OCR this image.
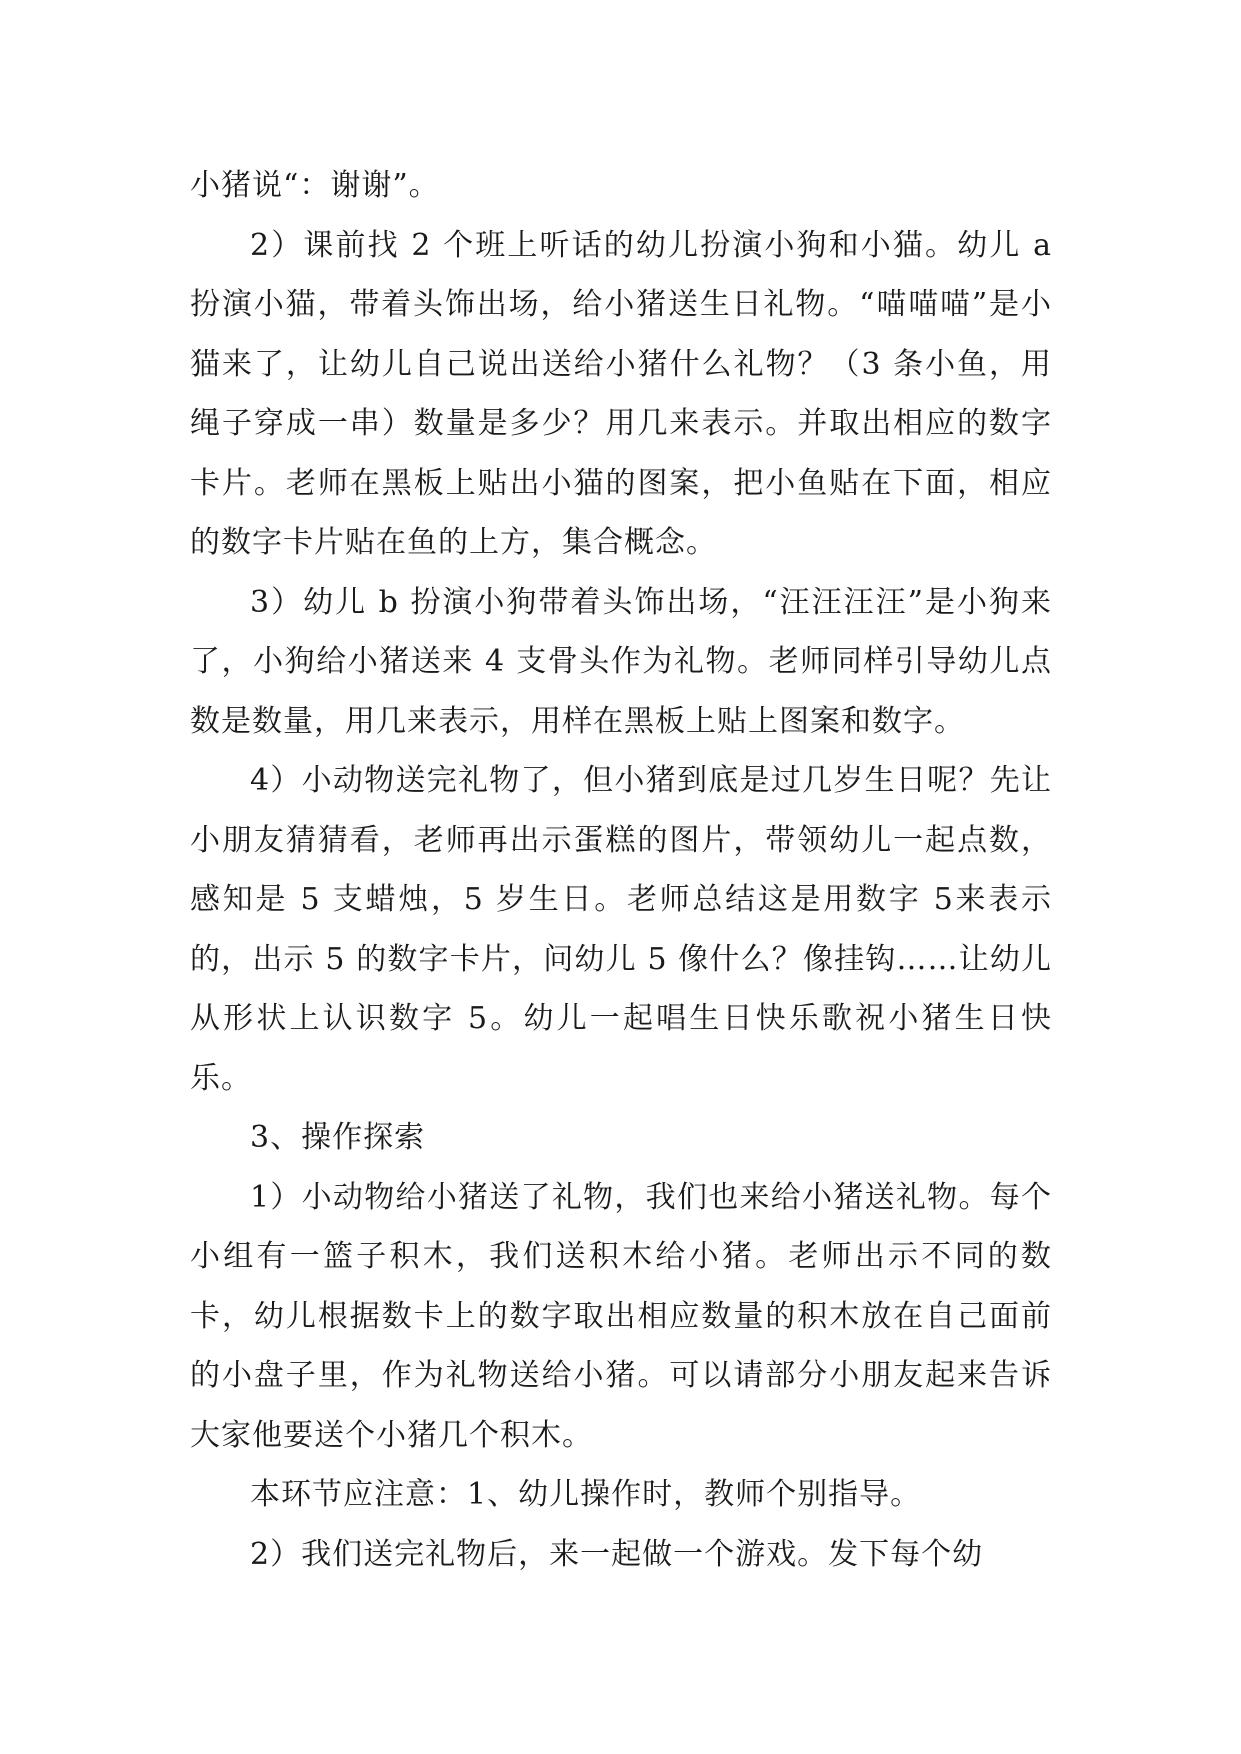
小猪说“：谢谢”。

2）课前找 2 个班上听话的幼儿扮演小狗和小猫。幼儿 a 扮演小猫，带着头饰出场，给小猪送生日礼物。“喵喵喵”是小猫来了，让幼儿自己说出送给小猪什么礼物？（3 条小鱼，用绳子穿成一串）数量是多少？用几来表示。并取出相应的数字卡片。老师在黑板上贴出小猫的图案，把小鱼贴在下面，相应的数字卡片贴在鱼的上方，集合概念。

3）幼儿 b 扮演小狗带着头饰出场，“汪汪汪汪”是小狗来了，小狗给小猪送来 4 支骨头作为礼物。老师同样引导幼儿点数是数量，用几来表示，用样在黑板上贴上图案和数字。

4）小动物送完礼物了，但小猪到底是过几岁生日呢？先让小朋友猜猜看，老师再出示蛋糕的图片，带领幼儿一起点数，感知是 5 支蜡烛，5 岁生日。老师总结这是用数字 5来表示的，出示 5 的数字卡片，问幼儿 5 像什么？像挂钩……让幼儿从形状上认识数字 5。幼儿一起唱生日快乐歌祝小猪生日快乐。

3、操作探索

1）小动物给小猪送了礼物，我们也来给小猪送礼物。每个小组有一篮子积木，我们送积木给小猪。老师出示不同的数卡，幼儿根据数卡上的数字取出相应数量的积木放在自己面前的小盘子里，作为礼物送给小猪。可以请部分小朋友起来告诉大家他要送个小猪几个积木。

本环节应注意：1、幼儿操作时，教师个别指导。

2）我们送完礼物后，来一起做一个游戏。发下每个幼
